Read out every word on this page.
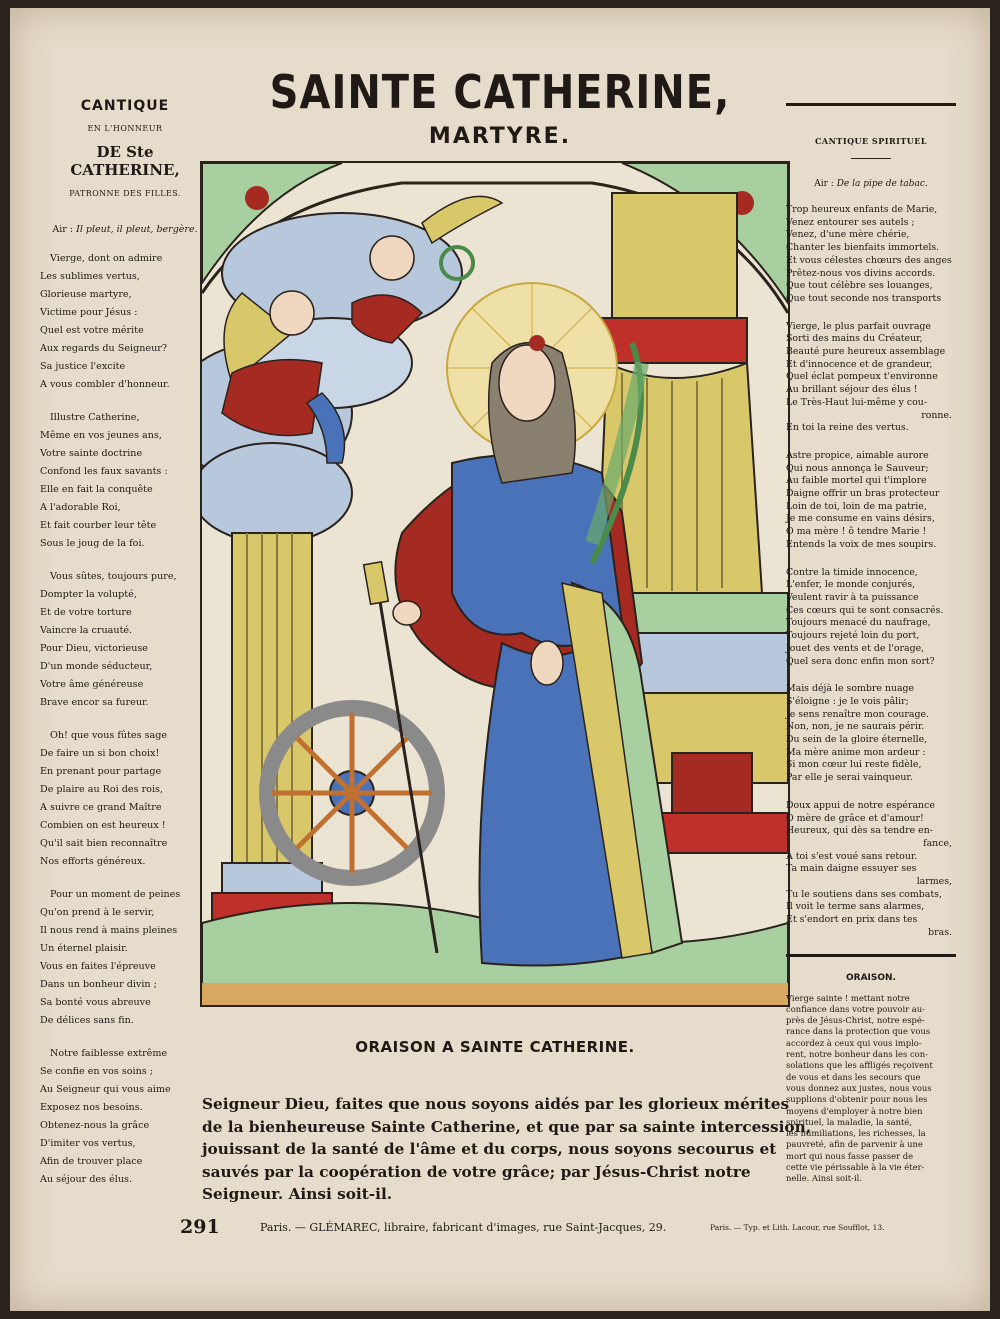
CANTIQUE
EN L'HONNEUR
DE Ste CATHERINE,
PATRONNE DES FILLES.
Air : Il pleut, il pleut, bergère.
Vierge, dont on admire
Les sublimes vertus,
Glorieuse martyre,
Victime pour Jésus :
Quel est votre mérite
Aux regards du Seigneur?
Sa justice l'excite
A vous combler d'honneur.
Illustre Catherine,
Même en vos jeunes ans,
Votre sainte doctrine
Confond les faux savants :
Elle en fait la conquête
A l'adorable Roi,
Et fait courber leur tête
Sous le joug de la foi.
Vous sûtes, toujours pure,
Dompter la volupté,
Et de votre torture
Vaincre la cruauté.
Pour Dieu, victorieuse
D'un monde séducteur,
Votre âme généreuse
Brave encor sa fureur.
Oh! que vous fûtes sage
De faire un si bon choix!
En prenant pour partage
De plaire au Roi des rois,
A suivre ce grand Maître
Combien on est heureux !
Qu'il sait bien reconnaître
Nos efforts généreux.
Pour un moment de peines
Qu'on prend à le servir,
Il nous rend à mains pleines
Un éternel plaisir.
Vous en faites l'épreuve
Dans un bonheur divin ;
Sa bonté vous abreuve
De délices sans fin.
Notre faiblesse extrême
Se confie en vos soins ;
Au Seigneur qui vous aime
Exposez nos besoins.
Obtenez-nous la grâce
D'imiter vos vertus,
Afin de trouver place
Au séjour des élus.
SAINTE CATHERINE,
MARTYRE.	CANTIQUE SPIRITUEL
Air : De la pipe de tabac.
Trop heureux enfants de Marie,
Venez entourer ses autels ;
Venez, d'une mère chérie,
Chanter les bienfaits immortels.
Et vous célestes chœurs des anges
Prêtez-nous vos divins accords.
Que tout célèbre ses louanges,
Que tout seconde nos transports
Vierge, le plus parfait ouvrage
Sorti des mains du Créateur,
Beauté pure heureux assemblage
Et d'innocence et de grandeur,
Quel éclat pompeux t'environne
Au brillant séjour des élus !
Le Très-Haut lui-même y cou-
ronne.
En toi la reine des vertus.
Astre propice, aimable aurore
Qui nous annonça le Sauveur;
Au faible mortel qui t'implore
Daigne offrir un bras protecteur
Loin de toi, loin de ma patrie,
Je me consume en vains désirs,
O ma mère ! ô tendre Marie !
Entends la voix de mes soupirs.
Contre la timide innocence,
L'enfer, le monde conjurés,
Veulent ravir à ta puissance
Ces cœurs qui te sont consacrés.
Toujours menacé du naufrage,
Toujours rejeté loin du port,
Jouet des vents et de l'orage,
Quel sera donc enfin mon sort?
Mais déjà le sombre nuage
S'éloigne : je le vois pâlir;
Je sens renaître mon courage.
Non, non, je ne saurais périr.
Du sein de la gloire éternelle,
Ma mère anime mon ardeur :
Si mon cœur lui reste fidèle,
Par elle je serai vainqueur.
Doux appui de notre espérance
O mère de grâce et d'amour!
Heureux, qui dès sa tendre en-
fance,
A toi s'est voué sans retour.
Ta main daigne essuyer ses
larmes,
Tu le soutiens dans ses combats,
Il voit le terme sans alarmes,
Et s'endort en prix dans tes
bras.
ORAISON.
Vierge sainte ! mettant notre
confiance dans votre pouvoir au-
près de Jésus-Christ, notre espé-
rance dans la protection que vous
accordez à ceux qui vous implo-
rent, notre bonheur dans les con-
solations que les affligés reçoivent
de vous et dans les secours que
vous donnez aux justes, nous vous
supplions d'obtenir pour nous les
moyens d'employer à notre bien
spirituel, la maladie, la santé,
les humiliations, les richesses, la
pauvreté, afin de parvenir à une
mort qui nous fasse passer de
cette vie périssable à la vie éter-
nelle. Ainsi soit-il.
ORAISON A SAINTE CATHERINE.
Seigneur Dieu, faites que nous soyons aidés par les glorieux mérites
de la bienheureuse Sainte Catherine, et que par sa sainte intercession,
jouissant de la santé de l'âme et du corps, nous soyons secourus et
sauvés par la coopération de votre grâce; par Jésus-Christ notre
Seigneur. Ainsi soit-il.
291	Paris. — GLÉMAREC, libraire, fabricant d'images, rue Saint-Jacques, 29.	Paris. — Typ. et Lith. Lacour, rue Soufflot, 13.
